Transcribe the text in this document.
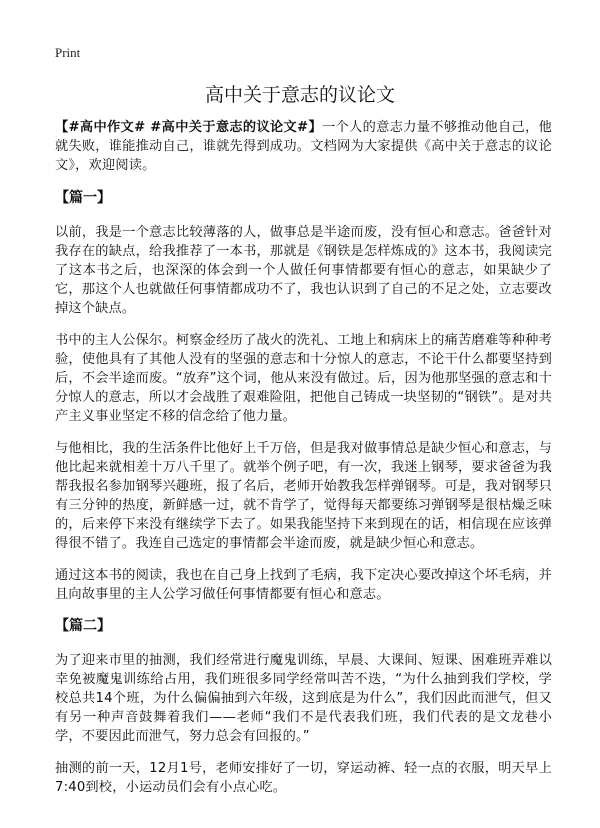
Print
高中关于意志的议论文

【#高中作文# #高中关于意志的议论文#】一个人的意志力量不够推动他自己，他就失败，谁能推动自己，谁就先得到成功。文档网为大家提供《高中关于意志的议论文》，欢迎阅读。

【篇一】

以前，我是一个意志比较薄落的人，做事总是半途而废，没有恒心和意志。爸爸针对我存在的缺点，给我推荐了一本书，那就是《钢铁是怎样炼成的》这本书，我阅读完了这本书之后，也深深的体会到一个人做任何事情都要有恒心的意志，如果缺少了它，那这个人也就做任何事情都成功不了，我也认识到了自己的不足之处，立志要改掉这个缺点。

书中的主人公保尔。柯察金经历了战火的洗礼、工地上和病床上的痛苦磨难等种种考验，使他具有了其他人没有的坚强的意志和十分惊人的意志，不论干什么都要坚持到后，不会半途而废。“放弃”这个词，他从来没有做过。后，因为他那坚强的意志和十分惊人的意志，所以才会战胜了艰难险阻，把他自己铸成一块坚韧的“钢铁”。是对共产主义事业坚定不移的信念给了他力量。

与他相比，我的生活条件比他好上千万倍，但是我对做事情总是缺少恒心和意志，与他比起来就相差十万八千里了。就举个例子吧，有一次，我迷上钢琴，要求爸爸为我帮我报名参加钢琴兴趣班，报了名后，老师开始教我怎样弹钢琴。可是，我对钢琴只有三分钟的热度，新鲜感一过，就不肯学了，觉得每天都要练习弹钢琴是很枯燥乏味的，后来停下来没有继续学下去了。如果我能坚持下来到现在的话，相信现在应该弹得很不错了。我连自己选定的事情都会半途而废，就是缺少恒心和意志。

通过这本书的阅读，我也在自己身上找到了毛病，我下定决心要改掉这个坏毛病，并且向故事里的主人公学习做任何事情都要有恒心和意志。

【篇二】

为了迎来市里的抽测，我们经常进行魔鬼训练，早晨、大课间、短课、困难班弄难以幸免被魔鬼训练给占用，我们班很多同学经常叫苦不迭，“为什么抽到我们学校，学校总共14个班，为什么偏偏抽到六年级，这到底是为什么”，我们因此而泄气，但又有另一种声音鼓舞着我们——老师“我们不是代表我们班，我们代表的是文龙巷小学，不要因此而泄气，努力总会有回报的。”

抽测的前一天，12月1号，老师安排好了一切，穿运动裤、轻一点的衣服，明天早上7:40到校，小运动员们会有小点心吃。
